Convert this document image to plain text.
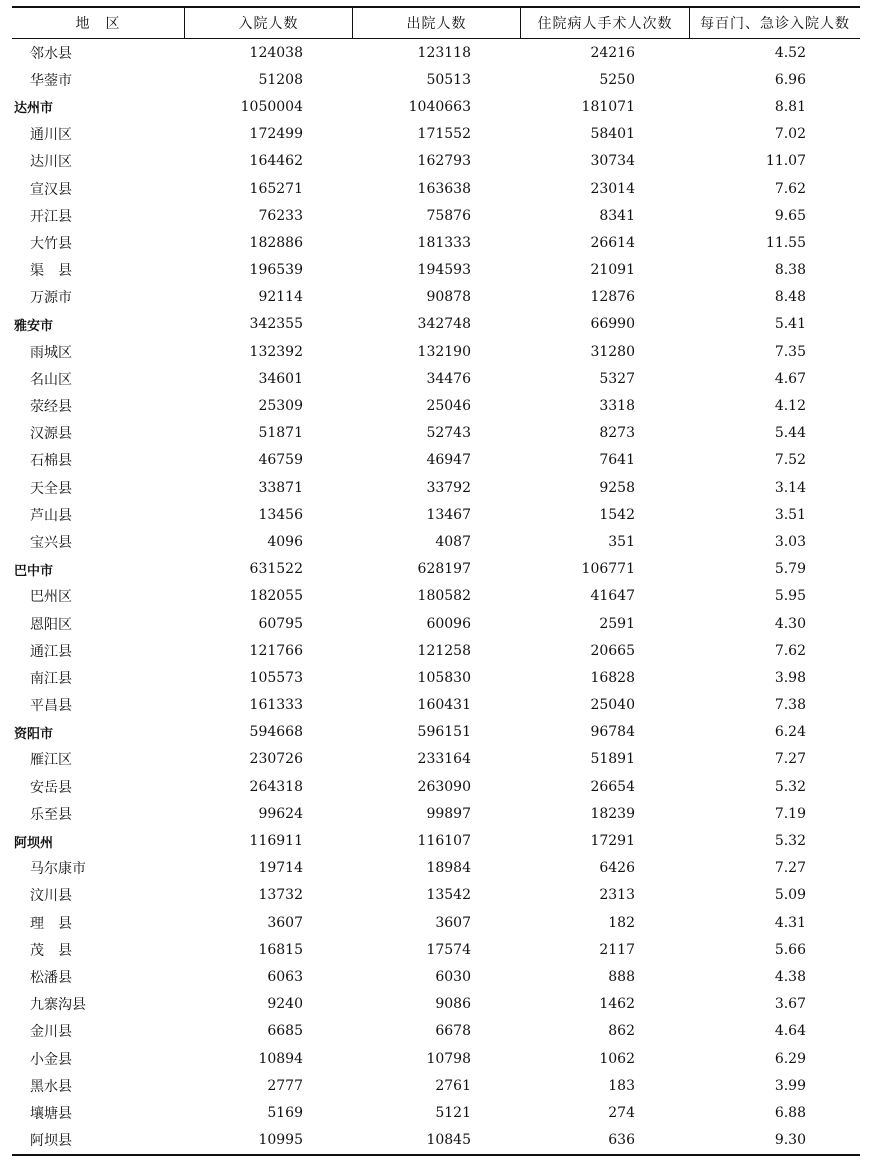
地　区	入院人数	出院人数	住院病人手术人次数	每百门、急诊入院人数
邻水县	124038	123118	24216	4.52
华蓥市	51208	50513	5250	6.96
达州市	1050004	1040663	181071	8.81
通川区	172499	171552	58401	7.02
达川区	164462	162793	30734	11.07
宣汉县	165271	163638	23014	7.62
开江县	76233	75876	8341	9.65
大竹县	182886	181333	26614	11.55
渠　县	196539	194593	21091	8.38
万源市	92114	90878	12876	8.48
雅安市	342355	342748	66990	5.41
雨城区	132392	132190	31280	7.35
名山区	34601	34476	5327	4.67
荥经县	25309	25046	3318	4.12
汉源县	51871	52743	8273	5.44
石棉县	46759	46947	7641	7.52
天全县	33871	33792	9258	3.14
芦山县	13456	13467	1542	3.51
宝兴县	4096	4087	351	3.03
巴中市	631522	628197	106771	5.79
巴州区	182055	180582	41647	5.95
恩阳区	60795	60096	2591	4.30
通江县	121766	121258	20665	7.62
南江县	105573	105830	16828	3.98
平昌县	161333	160431	25040	7.38
资阳市	594668	596151	96784	6.24
雁江区	230726	233164	51891	7.27
安岳县	264318	263090	26654	5.32
乐至县	99624	99897	18239	7.19
阿坝州	116911	116107	17291	5.32
马尔康市	19714	18984	6426	7.27
汶川县	13732	13542	2313	5.09
理　县	3607	3607	182	4.31
茂　县	16815	17574	2117	5.66
松潘县	6063	6030	888	4.38
九寨沟县	9240	9086	1462	3.67
金川县	6685	6678	862	4.64
小金县	10894	10798	1062	6.29
黑水县	2777	2761	183	3.99
壤塘县	5169	5121	274	6.88
阿坝县	10995	10845	636	9.30
